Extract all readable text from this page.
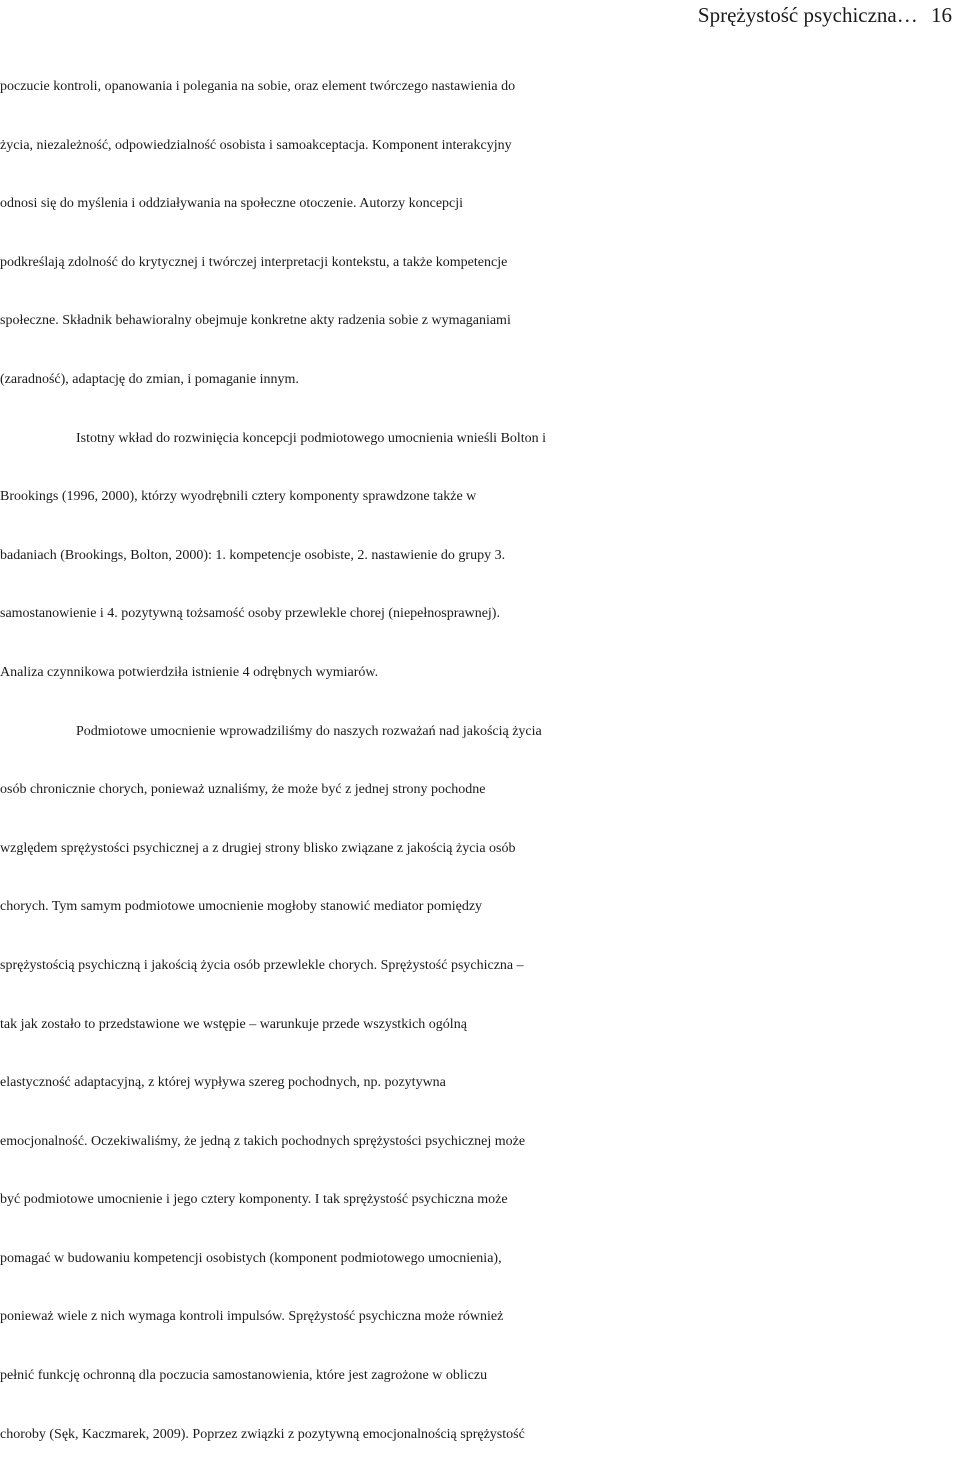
Sprężystość psychiczna… 16
poczucie kontroli, opanowania i polegania na sobie, oraz element twórczego nastawienia do
życia, niezależność, odpowiedzialność osobista i samoakceptacja. Komponent interakcyjny
odnosi się do myślenia i oddziaływania na społeczne otoczenie. Autorzy koncepcji
podkreślają zdolność do krytycznej i twórczej interpretacji kontekstu, a także kompetencje
społeczne. Składnik behawioralny obejmuje konkretne akty radzenia sobie z wymaganiami
(zaradność), adaptację do zmian, i pomaganie innym.
Istotny wkład do rozwinięcia koncepcji podmiotowego umocnienia wnieśli Bolton i
Brookings (1996, 2000), którzy wyodrębnili cztery komponenty sprawdzone także w
badaniach (Brookings, Bolton, 2000): 1. kompetencje osobiste, 2. nastawienie do grupy 3.
samostanowienie i 4. pozytywną tożsamość osoby przewlekle chorej (niepełnosprawnej).
Analiza czynnikowa potwierdziła istnienie 4 odrębnych wymiarów.
Podmiotowe umocnienie wprowadziliśmy do naszych rozważań nad jakością życia
osób chronicznie chorych, ponieważ uznaliśmy, że może być z jednej strony pochodne
względem sprężystości psychicznej a z drugiej strony blisko związane z jakością życia osób
chorych. Tym samym podmiotowe umocnienie mogłoby stanowić mediator pomiędzy
sprężystością psychiczną i jakością życia osób przewlekle chorych. Sprężystość psychiczna –
tak jak zostało to przedstawione we wstępie – warunkuje przede wszystkich ogólną
elastyczność adaptacyjną, z której wypływa szereg pochodnych, np. pozytywna
emocjonalność. Oczekiwaliśmy, że jedną z takich pochodnych sprężystości psychicznej może
być podmiotowe umocnienie i jego cztery komponenty. I tak sprężystość psychiczna może
pomagać w budowaniu kompetencji osobistych (komponent podmiotowego umocnienia),
ponieważ wiele z nich wymaga kontroli impulsów. Sprężystość psychiczna może również
pełnić funkcję ochronną dla poczucia samostanowienia, które jest zagrożone w obliczu
choroby (Sęk, Kaczmarek, 2009). Poprzez związki z pozytywną emocjonalnością sprężystość
